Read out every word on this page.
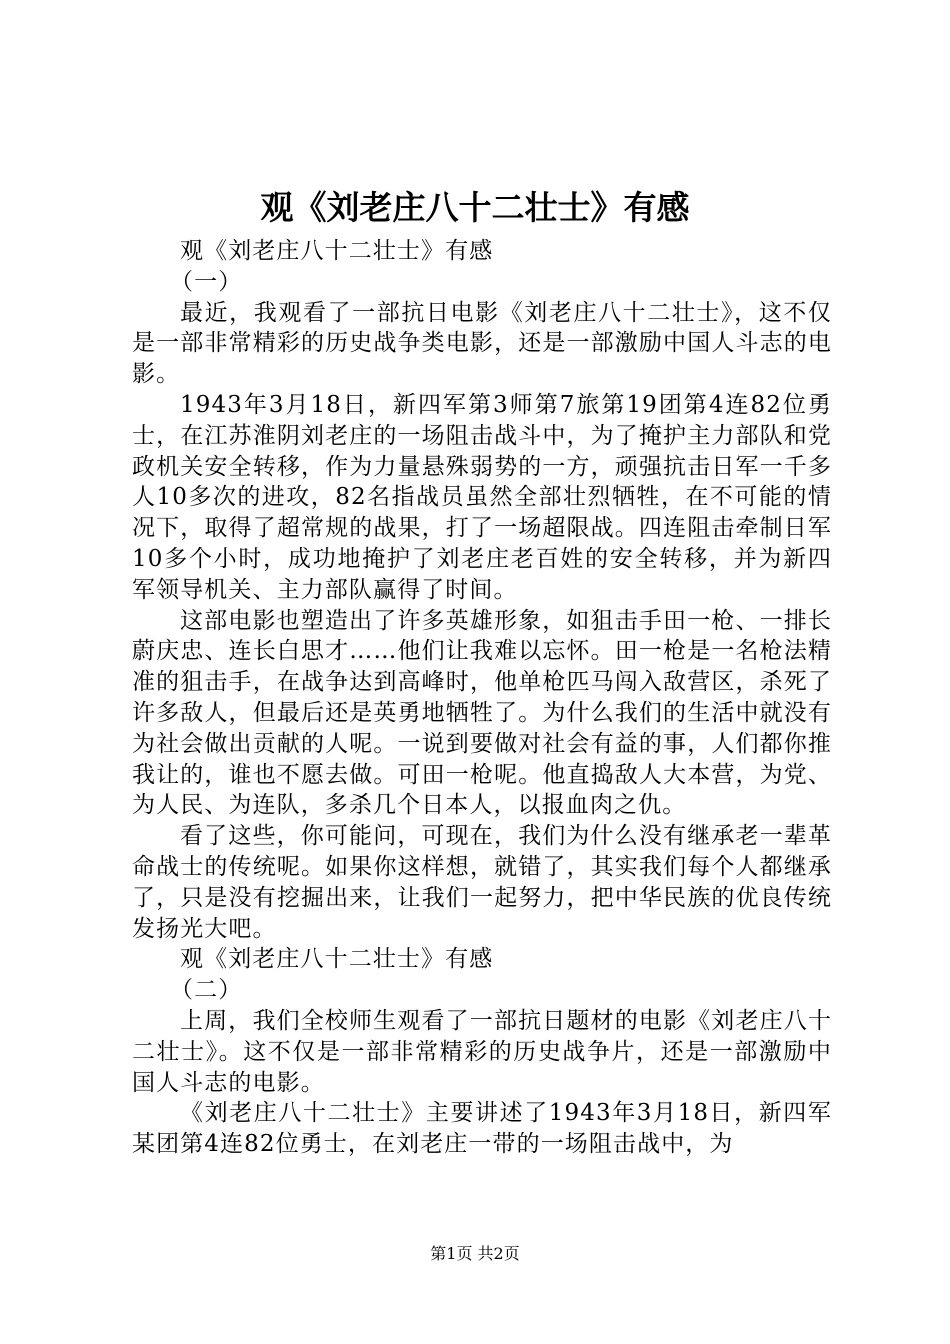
观《刘老庄八十二壮士》有感

观《刘老庄八十二壮士》有感

（一）

最近，我观看了一部抗日电影《刘老庄八十二壮士》，这不仅是一部非常精彩的历史战争类电影，还是一部激励中国人斗志的电影。

1943年3月18日，新四军第3师第7旅第19团第4连82位勇士，在江苏淮阴刘老庄的一场阻击战斗中，为了掩护主力部队和党政机关安全转移，作为力量悬殊弱势的一方，顽强抗击日军一千多人10多次的进攻，82名指战员虽然全部壮烈牺牲，在不可能的情况下，取得了超常规的战果，打了一场超限战。四连阻击牵制日军10多个小时，成功地掩护了刘老庄老百姓的安全转移，并为新四军领导机关、主力部队赢得了时间。

这部电影也塑造出了许多英雄形象，如狙击手田一枪、一排长蔚庆忠、连长白思才……他们让我难以忘怀。田一枪是一名枪法精准的狙击手，在战争达到高峰时，他单枪匹马闯入敌营区，杀死了许多敌人，但最后还是英勇地牺牲了。为什么我们的生活中就没有为社会做出贡献的人呢。一说到要做对社会有益的事，人们都你推我让的，谁也不愿去做。可田一枪呢。他直捣敌人大本营，为党、为人民、为连队，多杀几个日本人，以报血肉之仇。

看了这些，你可能问，可现在，我们为什么没有继承老一辈革命战士的传统呢。如果你这样想，就错了，其实我们每个人都继承了，只是没有挖掘出来，让我们一起努力，把中华民族的优良传统发扬光大吧。

观《刘老庄八十二壮士》有感

（二）

上周，我们全校师生观看了一部抗日题材的电影《刘老庄八十二壮士》。这不仅是一部非常精彩的历史战争片，还是一部激励中国人斗志的电影。

《刘老庄八十二壮士》主要讲述了1943年3月18日，新四军某团第4连82位勇士，在刘老庄一带的一场阻击战中，为

第1页 共2页
